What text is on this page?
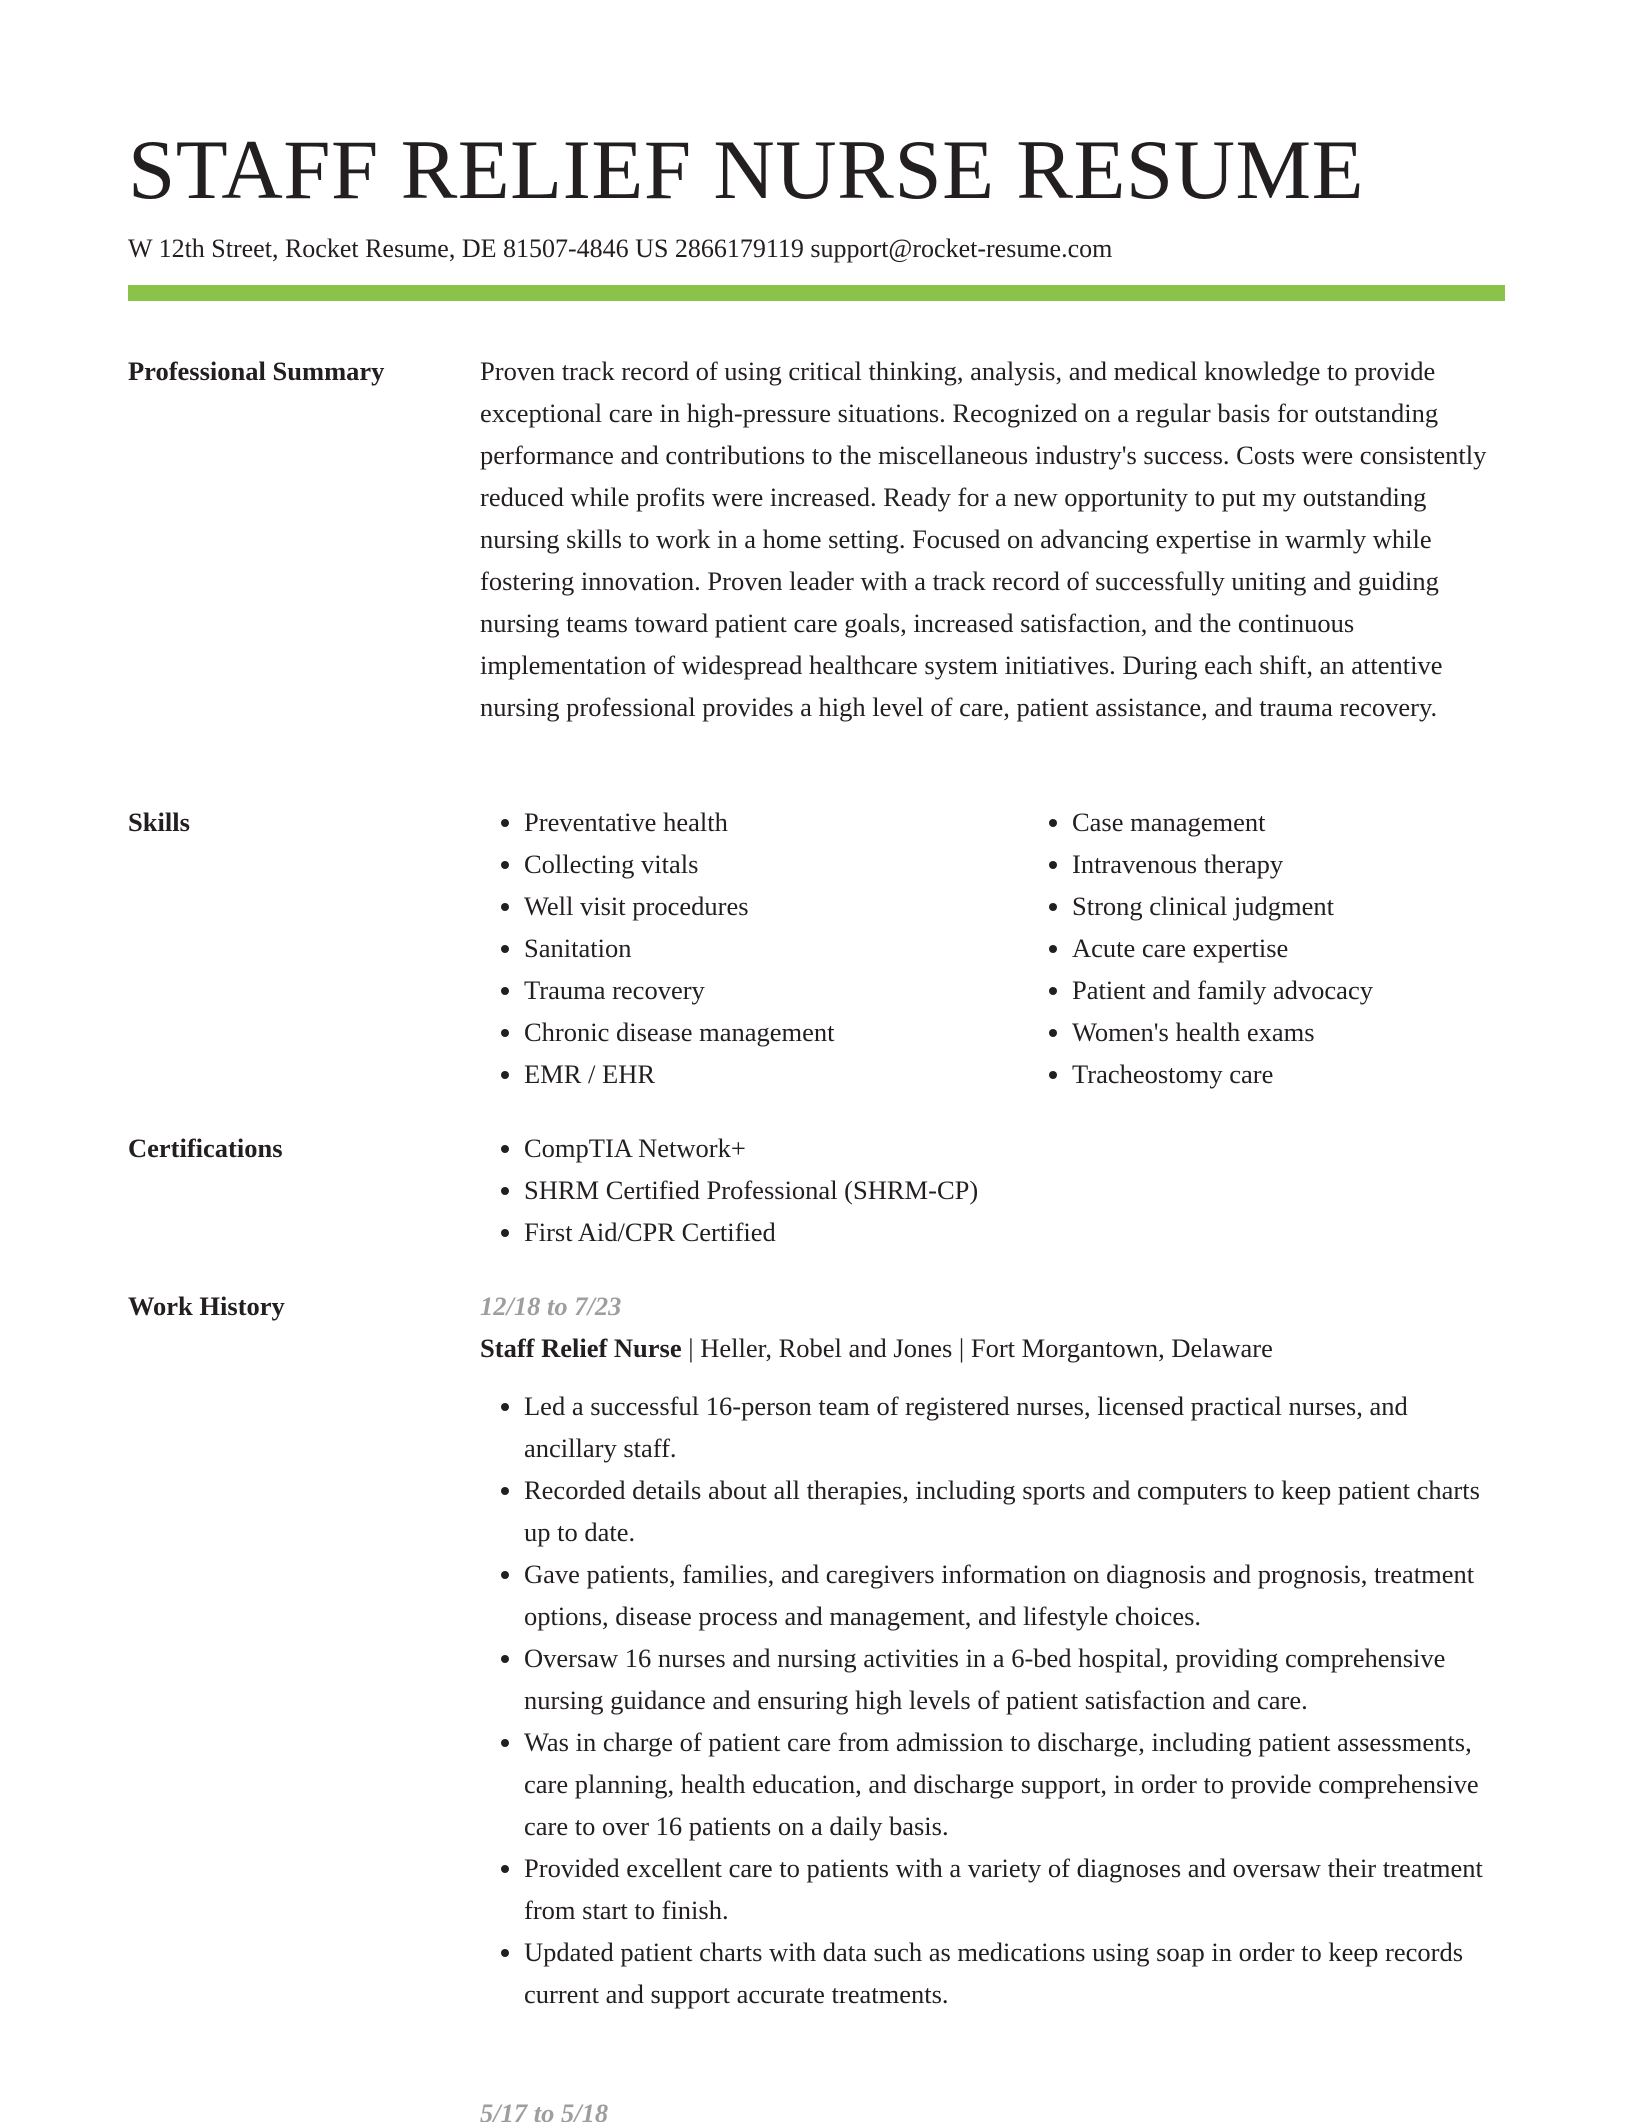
STAFF RELIEF NURSE RESUME
W 12th Street, Rocket Resume, DE 81507-4846 US 2866179119 support@rocket-resume.com
Professional Summary	Proven track record of using critical thinking, analysis, and medical knowledge to provide exceptional care in high-pressure situations. Recognized on a regular basis for outstanding performance and contributions to the miscellaneous industry's success. Costs were consistently reduced while profits were increased. Ready for a new opportunity to put my outstanding nursing skills to work in a home setting. Focused on advancing expertise in warmly while fostering innovation. Proven leader with a track record of successfully uniting and guiding nursing teams toward patient care goals, increased satisfaction, and the continuous implementation of widespread healthcare system initiatives. During each shift, an attentive nursing professional provides a high level of care, patient assistance, and trauma recovery.

Skills	• Preventative health
• Collecting vitals
• Well visit procedures
• Sanitation
• Trauma recovery
• Chronic disease management
• EMR / EHR
• Case management
• Intravenous therapy
• Strong clinical judgment
• Acute care expertise
• Patient and family advocacy
• Women's health exams
• Tracheostomy care
Certifications	• CompTIA Network+
• SHRM Certified Professional (SHRM-CP)
• First Aid/CPR Certified
Work History	12/18 to 7/23
Staff Relief Nurse | Heller, Robel and Jones | Fort Morgantown, Delaware
• Led a successful 16-person team of registered nurses, licensed practical nurses, and ancillary staff.
• Recorded details about all therapies, including sports and computers to keep patient charts up to date.
• Gave patients, families, and caregivers information on diagnosis and prognosis, treatment options, disease process and management, and lifestyle choices.
• Oversaw 16 nurses and nursing activities in a 6-bed hospital, providing comprehensive nursing guidance and ensuring high levels of patient satisfaction and care.
• Was in charge of patient care from admission to discharge, including patient assessments, care planning, health education, and discharge support, in order to provide comprehensive care to over 16 patients on a daily basis.
• Provided excellent care to patients with a variety of diagnoses and oversaw their treatment from start to finish.
• Updated patient charts with data such as medications using soap in order to keep records current and support accurate treatments.
5/17 to 5/18
